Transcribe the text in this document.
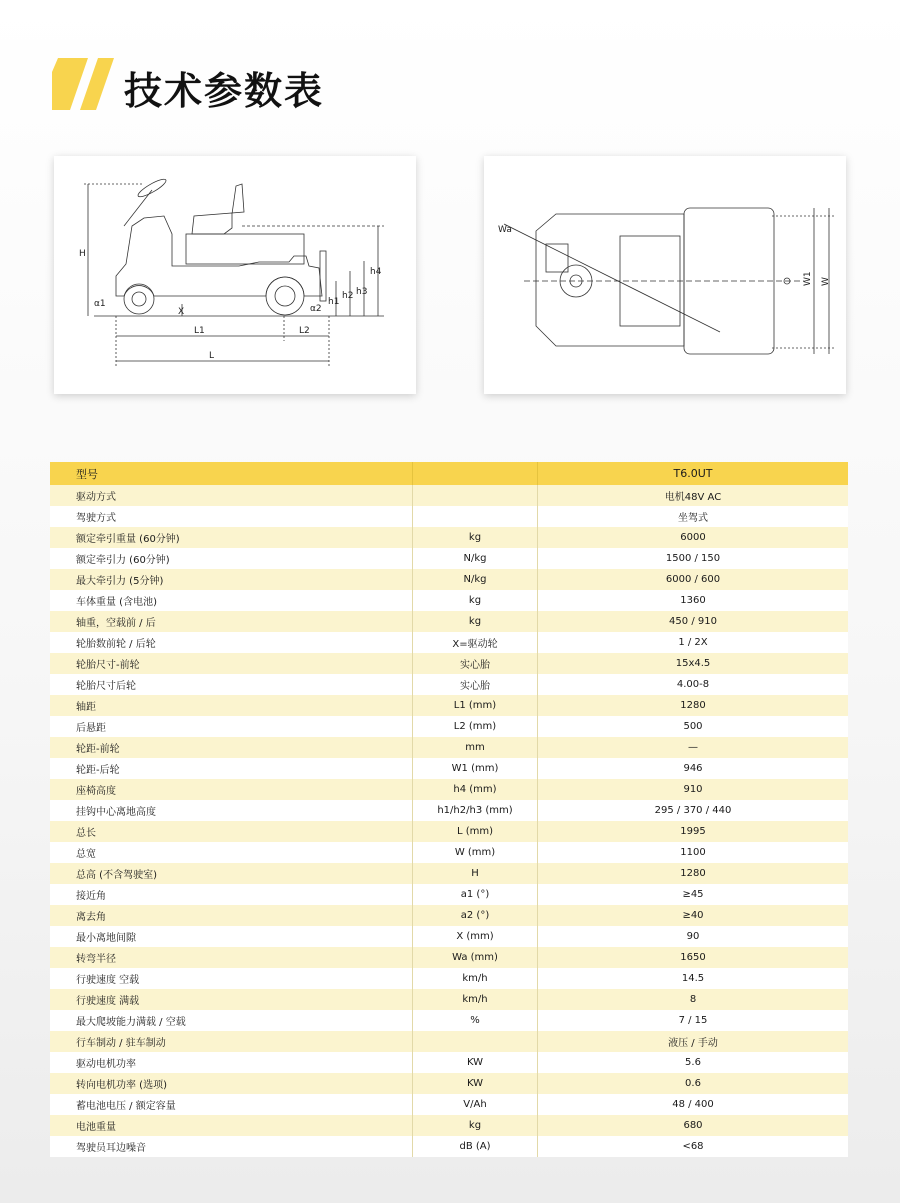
技术参数表
H
α1
X
L1	L2
L
α2
h1
h2 h3
h4
Wa
W1 W
型号		T6.0UT
驱动方式		电机48V AC
驾驶方式		坐驾式
额定牵引重量 (60分钟)	kg	6000
额定牵引力 (60分钟)	N/kg	1500 / 150
最大牵引力 (5分钟)	N/kg	6000 / 600
车体重量 (含电池)	kg	1360
轴重，空载前 / 后	kg	450 / 910
轮胎数前轮 / 后轮	X=驱动轮	1 / 2X
轮胎尺寸-前轮	实心胎	15x4.5
轮胎尺寸后轮	实心胎	4.00-8
轴距	L1 (mm)	1280
后悬距	L2 (mm)	500
轮距-前轮	mm	—
轮距-后轮	W1 (mm)	946
座椅高度	h4 (mm)	910
挂钩中心离地高度	h1/h2/h3 (mm)	295 / 370 / 440
总长	L (mm)	1995
总宽	W (mm)	1100
总高 (不含驾驶室)	H	1280
接近角	a1 (°)	≥45
离去角	a2 (°)	≥40
最小离地间隙	X (mm)	90
转弯半径	Wa (mm)	1650
行驶速度 空载	km/h	14.5
行驶速度 满载	km/h	8
最大爬坡能力满载 / 空载	%	7 / 15
行车制动 / 驻车制动		液压 / 手动
驱动电机功率	KW	5.6
转向电机功率 (选项)	KW	0.6
蓄电池电压 / 额定容量	V/Ah	48 / 400
电池重量	kg	680
驾驶员耳边噪音	dB (A)	<68
